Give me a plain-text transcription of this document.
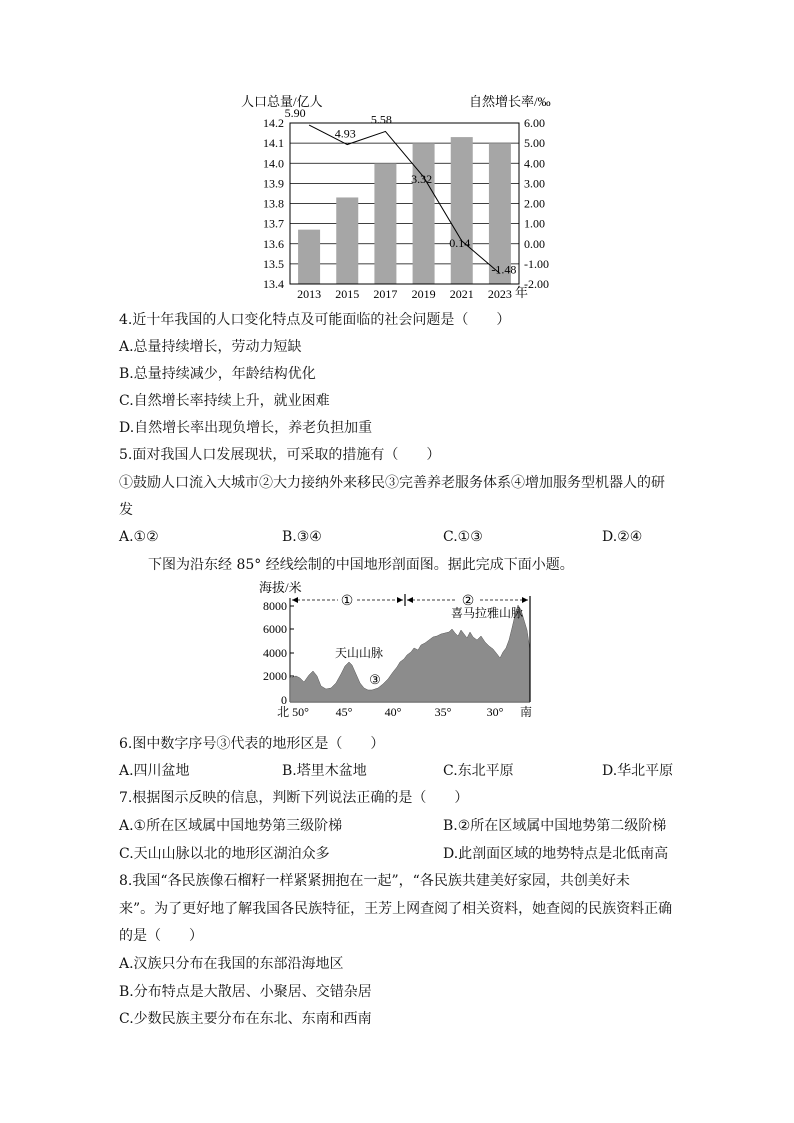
人口总量/亿人	自然增长率/‰
14.2
14.1
14.0
13.9
13.8
13.7
13.6
13.5
13.4
6.00
5.00
4.00
3.00
2.00
1.00
0.00
-1.00
-2.00
2013 2015 2017 2019 2021 2023
5.90
4.93
5.58
3.32
0.14
-1.48
年
4.近十年我国的人口变化特点及可能面临的社会问题是（　　）
A.总量持续增长，劳动力短缺
B.总量持续减少，年龄结构优化
C.自然增长率持续上升，就业困难
D.自然增长率出现负增长，养老负担加重
5.面对我国人口发展现状，可采取的措施有（　　）
①鼓励人口流入大城市②大力接纳外来移民③完善养老服务体系④增加服务型机器人的研
发
A.①②	B.③④	C.①③	D.②④
下图为沿东经 85° 经线绘制的中国地形剖面图。据此完成下面小题。
海拔/米
8000
6000
4000
2000
0
①	②
喜马拉雅山脉
天山山脉
③
北 50° 45°	40°	35°	30° 南
6.图中数字序号③代表的地形区是（　　）
A.四川盆地	B.塔里木盆地	C.东北平原	D.华北平原
7.根据图示反映的信息，判断下列说法正确的是（　　）
A.①所在区域属中国地势第三级阶梯	B.②所在区域属中国地势第二级阶梯
C.天山山脉以北的地形区湖泊众多	D.此剖面区域的地势特点是北低南高
8.我国“各民族像石榴籽一样紧紧拥抱在一起”，“各民族共建美好家园，共创美好未
来”。为了更好地了解我国各民族特征，王芳上网查阅了相关资料，她查阅的民族资料正确
的是（　　）
A.汉族只分布在我国的东部沿海地区
B.分布特点是大散居、小聚居、交错杂居
C.少数民族主要分布在东北、东南和西南
